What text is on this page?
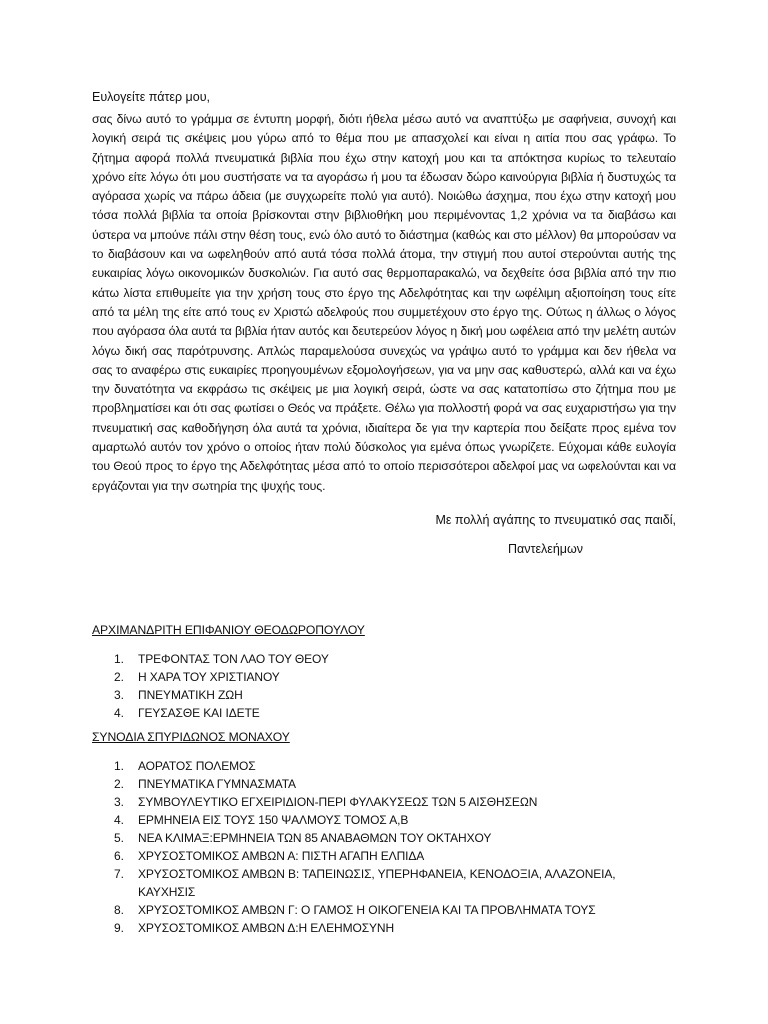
Ευλογείτε πάτερ μου,
σας δίνω αυτό το γράμμα σε έντυπη μορφή, διότι ήθελα μέσω αυτό να αναπτύξω με σαφήνεια, συνοχή και λογική σειρά τις σκέψεις μου γύρω από το θέμα που με απασχολεί και είναι η αιτία που σας γράφω. Το ζήτημα αφορά πολλά πνευματικά βιβλία που έχω στην κατοχή μου και τα απόκτησα κυρίως το τελευταίο χρόνο είτε λόγω ότι μου συστήσατε να τα αγοράσω ή μου τα έδωσαν δώρο καινούργια βιβλία ή δυστυχώς τα αγόρασα χωρίς να πάρω άδεια (με συγχωρείτε πολύ για αυτό). Νοιώθω άσχημα, που έχω στην κατοχή μου τόσα πολλά βιβλία τα οποία βρίσκονται στην βιβλιοθήκη μου περιμένοντας 1,2 χρόνια να τα διαβάσω και ύστερα να μπούνε πάλι στην θέση τους, ενώ όλο αυτό το διάστημα (καθώς και στο μέλλον) θα μπορούσαν να το διαβάσουν και να ωφεληθούν από αυτά τόσα πολλά άτομα, την στιγμή που αυτοί στερούνται αυτής της ευκαιρίας λόγω οικονομικών δυσκολιών. Για αυτό σας θερμοπαρακαλώ, να δεχθείτε όσα βιβλία από την πιο κάτω λίστα επιθυμείτε για την χρήση τους στο έργο της Αδελφότητας και την ωφέλιμη αξιοποίηση τους είτε από τα μέλη της είτε από τους εν Χριστώ αδελφούς που συμμετέχουν στο έργο της. Ούτως η άλλως ο λόγος που αγόρασα όλα αυτά τα βιβλία ήταν αυτός και δευτερεύον λόγος η δική μου ωφέλεια από την μελέτη αυτών λόγω δική σας παρότρυνσης. Απλώς παραμελούσα συνεχώς να γράψω αυτό το γράμμα και δεν ήθελα να σας το αναφέρω στις ευκαιρίες προηγουμένων εξομολογήσεων, για να μην σας καθυστερώ, αλλά και να έχω την δυνατότητα να εκφράσω τις σκέψεις με μια λογική σειρά, ώστε να σας κατατοπίσω στο ζήτημα που με προβληματίσει και ότι σας φωτίσει ο Θεός να πράξετε. Θέλω για πολλοστή φορά να σας ευχαριστήσω για την πνευματική σας καθοδήγηση όλα αυτά τα χρόνια, ιδιαίτερα δε για την καρτερία που δείξατε προς εμένα τον αμαρτωλό αυτόν τον χρόνο ο οποίος ήταν πολύ δύσκολος για εμένα όπως γνωρίζετε. Εύχομαι κάθε ευλογία του Θεού προς το έργο της Αδελφότητας μέσα από το οποίο περισσότεροι αδελφοί μας να ωφελούνται και να εργάζονται για την σωτηρία της ψυχής τους.
Με πολλή αγάπης το πνευματικό σας παιδί,
Παντελεήμων
ΑΡΧΙΜΑΝΔΡΙΤΗ ΕΠΙΦΑΝΙΟΥ ΘΕΟΔΩΡΟΠΟΥΛΟΥ
1.	ΤΡΕΦΟΝΤΑΣ ΤΟΝ ΛΑΟ ΤΟΥ ΘΕΟΥ
2.	Η ΧΑΡΑ ΤΟΥ ΧΡΙΣΤΙΑΝΟΥ
3.	ΠΝΕΥΜΑΤΙΚΗ ΖΩΗ
4.	ΓΕΥΣΑΣΘΕ ΚΑΙ ΙΔΕΤΕ
ΣΥΝΟΔΙΑ ΣΠΥΡΙΔΩΝΟΣ ΜΟΝΑΧΟΥ
1.	ΑΟΡΑΤΟΣ ΠΟΛΕΜΟΣ
2.	ΠΝΕΥΜΑΤΙΚΑ ΓΥΜΝΑΣΜΑΤΑ
3.	ΣΥΜΒΟΥΛΕΥΤΙΚΟ ΕΓΧΕΙΡΙΔΙΟΝ-ΠΕΡΙ ΦΥΛΑΚΥΣΕΩΣ ΤΩΝ 5 ΑΙΣΘΗΣΕΩΝ
4.	ΕΡΜΗΝΕΙΑ ΕΙΣ ΤΟΥΣ 150 ΨΑΛΜΟΥΣ ΤΟΜΟΣ Α,Β
5.	ΝΕΑ ΚΛΙΜΑΞ:ΕΡΜΗΝΕΙΑ ΤΩΝ 85 ΑΝΑΒΑΘΜΩΝ ΤΟΥ ΟΚΤΑΗΧΟΥ
6.	ΧΡΥΣΟΣΤΟΜΙΚΟΣ ΑΜΒΩΝ Α: ΠΙΣΤΗ ΑΓΑΠΗ ΕΛΠΙΔΑ
7.	ΧΡΥΣΟΣΤΟΜΙΚΟΣ ΑΜΒΩΝ Β: ΤΑΠΕΙΝΩΣΙΣ, ΥΠΕΡΗΦΑΝΕΙΑ, ΚΕΝΟΔΟΞΙΑ, ΑΛΑΖΟΝΕΙΑ, ΚΑΥΧΗΣΙΣ
8.	ΧΡΥΣΟΣΤΟΜΙΚΟΣ ΑΜΒΩΝ Γ: Ο ΓΑΜΟΣ Η ΟΙΚΟΓΕΝΕΙΑ ΚΑΙ ΤΑ ΠΡΟΒΛΗΜΑΤΑ ΤΟΥΣ
9.	ΧΡΥΣΟΣΤΟΜΙΚΟΣ ΑΜΒΩΝ Δ:Η ΕΛΕΗΜΟΣΥΝΗ
